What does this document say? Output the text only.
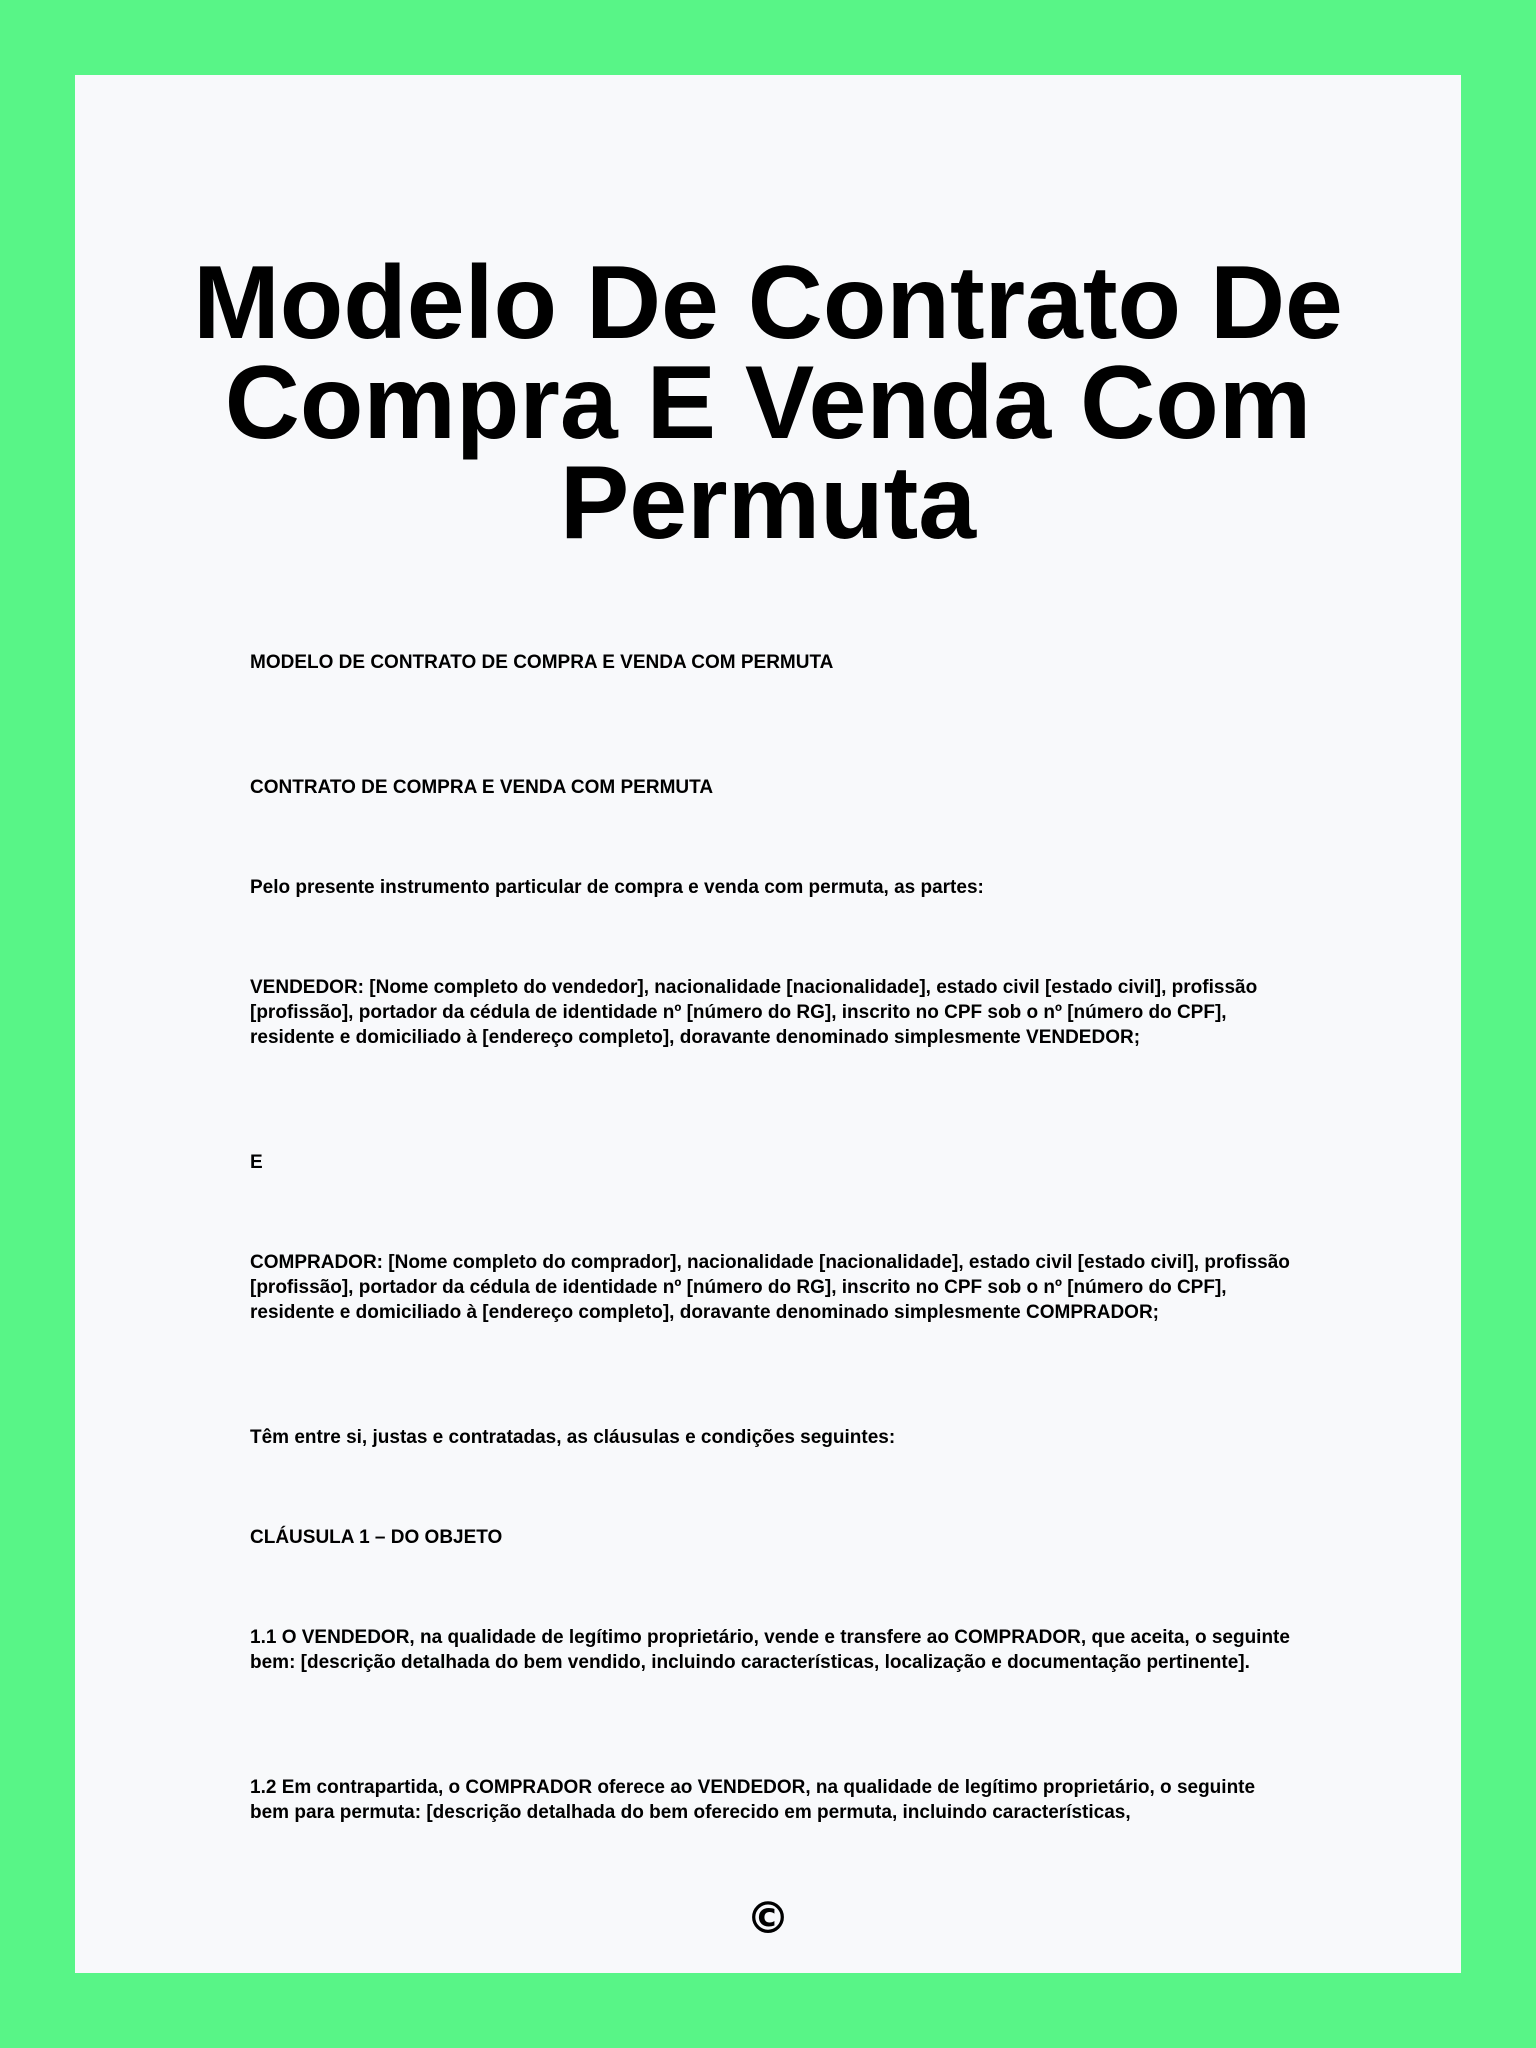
Modelo De Contrato De Compra E Venda Com Permuta

MODELO DE CONTRATO DE COMPRA E VENDA COM PERMUTA

CONTRATO DE COMPRA E VENDA COM PERMUTA

Pelo presente instrumento particular de compra e venda com permuta, as partes:

VENDEDOR: [Nome completo do vendedor], nacionalidade [nacionalidade], estado civil [estado civil], profissão [profissão], portador da cédula de identidade nº [número do RG], inscrito no CPF sob o nº [número do CPF], residente e domiciliado à [endereço completo], doravante denominado simplesmente VENDEDOR;

E

COMPRADOR: [Nome completo do comprador], nacionalidade [nacionalidade], estado civil [estado civil], profissão [profissão], portador da cédula de identidade nº [número do RG], inscrito no CPF sob o nº [número do CPF], residente e domiciliado à [endereço completo], doravante denominado simplesmente COMPRADOR;

Têm entre si, justas e contratadas, as cláusulas e condições seguintes:

CLÁUSULA 1 – DO OBJETO

1.1 O VENDEDOR, na qualidade de legítimo proprietário, vende e transfere ao COMPRADOR, que aceita, o seguinte bem: [descrição detalhada do bem vendido, incluindo características, localização e documentação pertinente].

1.2 Em contrapartida, o COMPRADOR oferece ao VENDEDOR, na qualidade de legítimo proprietário, o seguinte bem para permuta: [descrição detalhada do bem oferecido em permuta, incluindo características,

©
